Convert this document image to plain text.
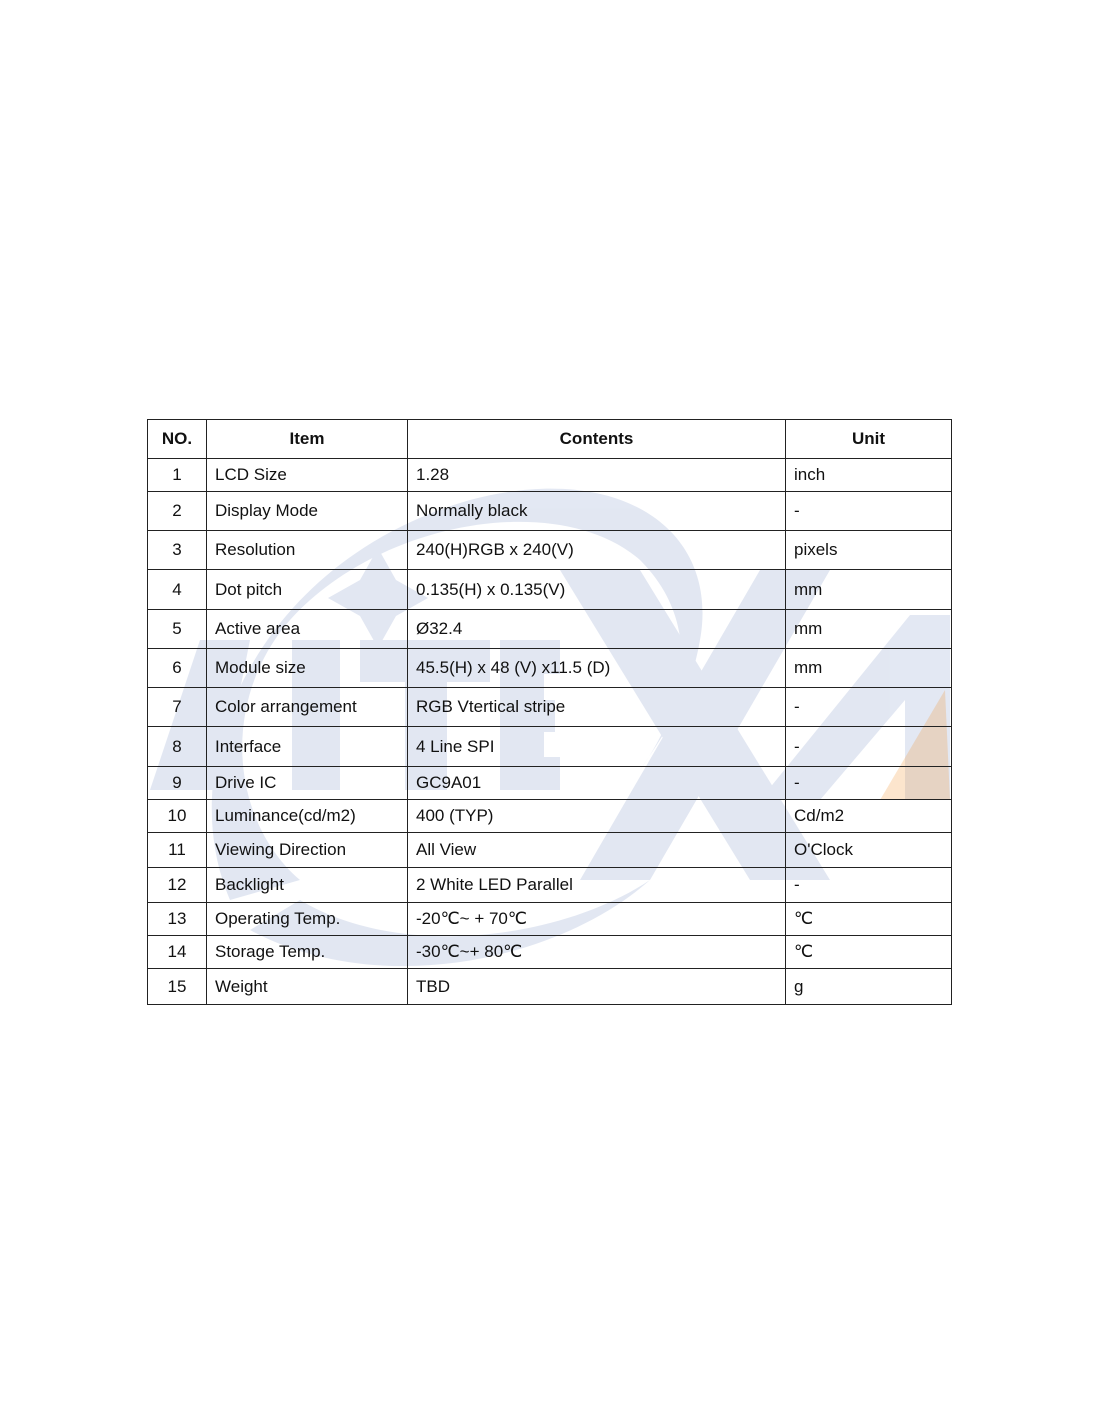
NO.	Item	Contents	Unit
1	LCD Size	1.28	inch
2	Display Mode	Normally black	-
3	Resolution	240(H)RGB x 240(V)	pixels
4	Dot pitch	0.135(H) x 0.135(V)	mm
5	Active area	Ø32.4	mm
6	Module size	45.5(H) x 48 (V) x11.5 (D)	mm
7	Color arrangement	RGB Vtertical stripe	-
8	Interface	4 Line SPI	-
9	Drive IC	GC9A01	-
10	Luminance(cd/m2)	400 (TYP)	Cd/m2
11	Viewing Direction	All View	O'Clock
12	Backlight	2 White LED Parallel	-
13	Operating Temp.	-20℃~ + 70℃	℃
14	Storage Temp.	-30℃~+ 80℃	℃
15	Weight	TBD	g
